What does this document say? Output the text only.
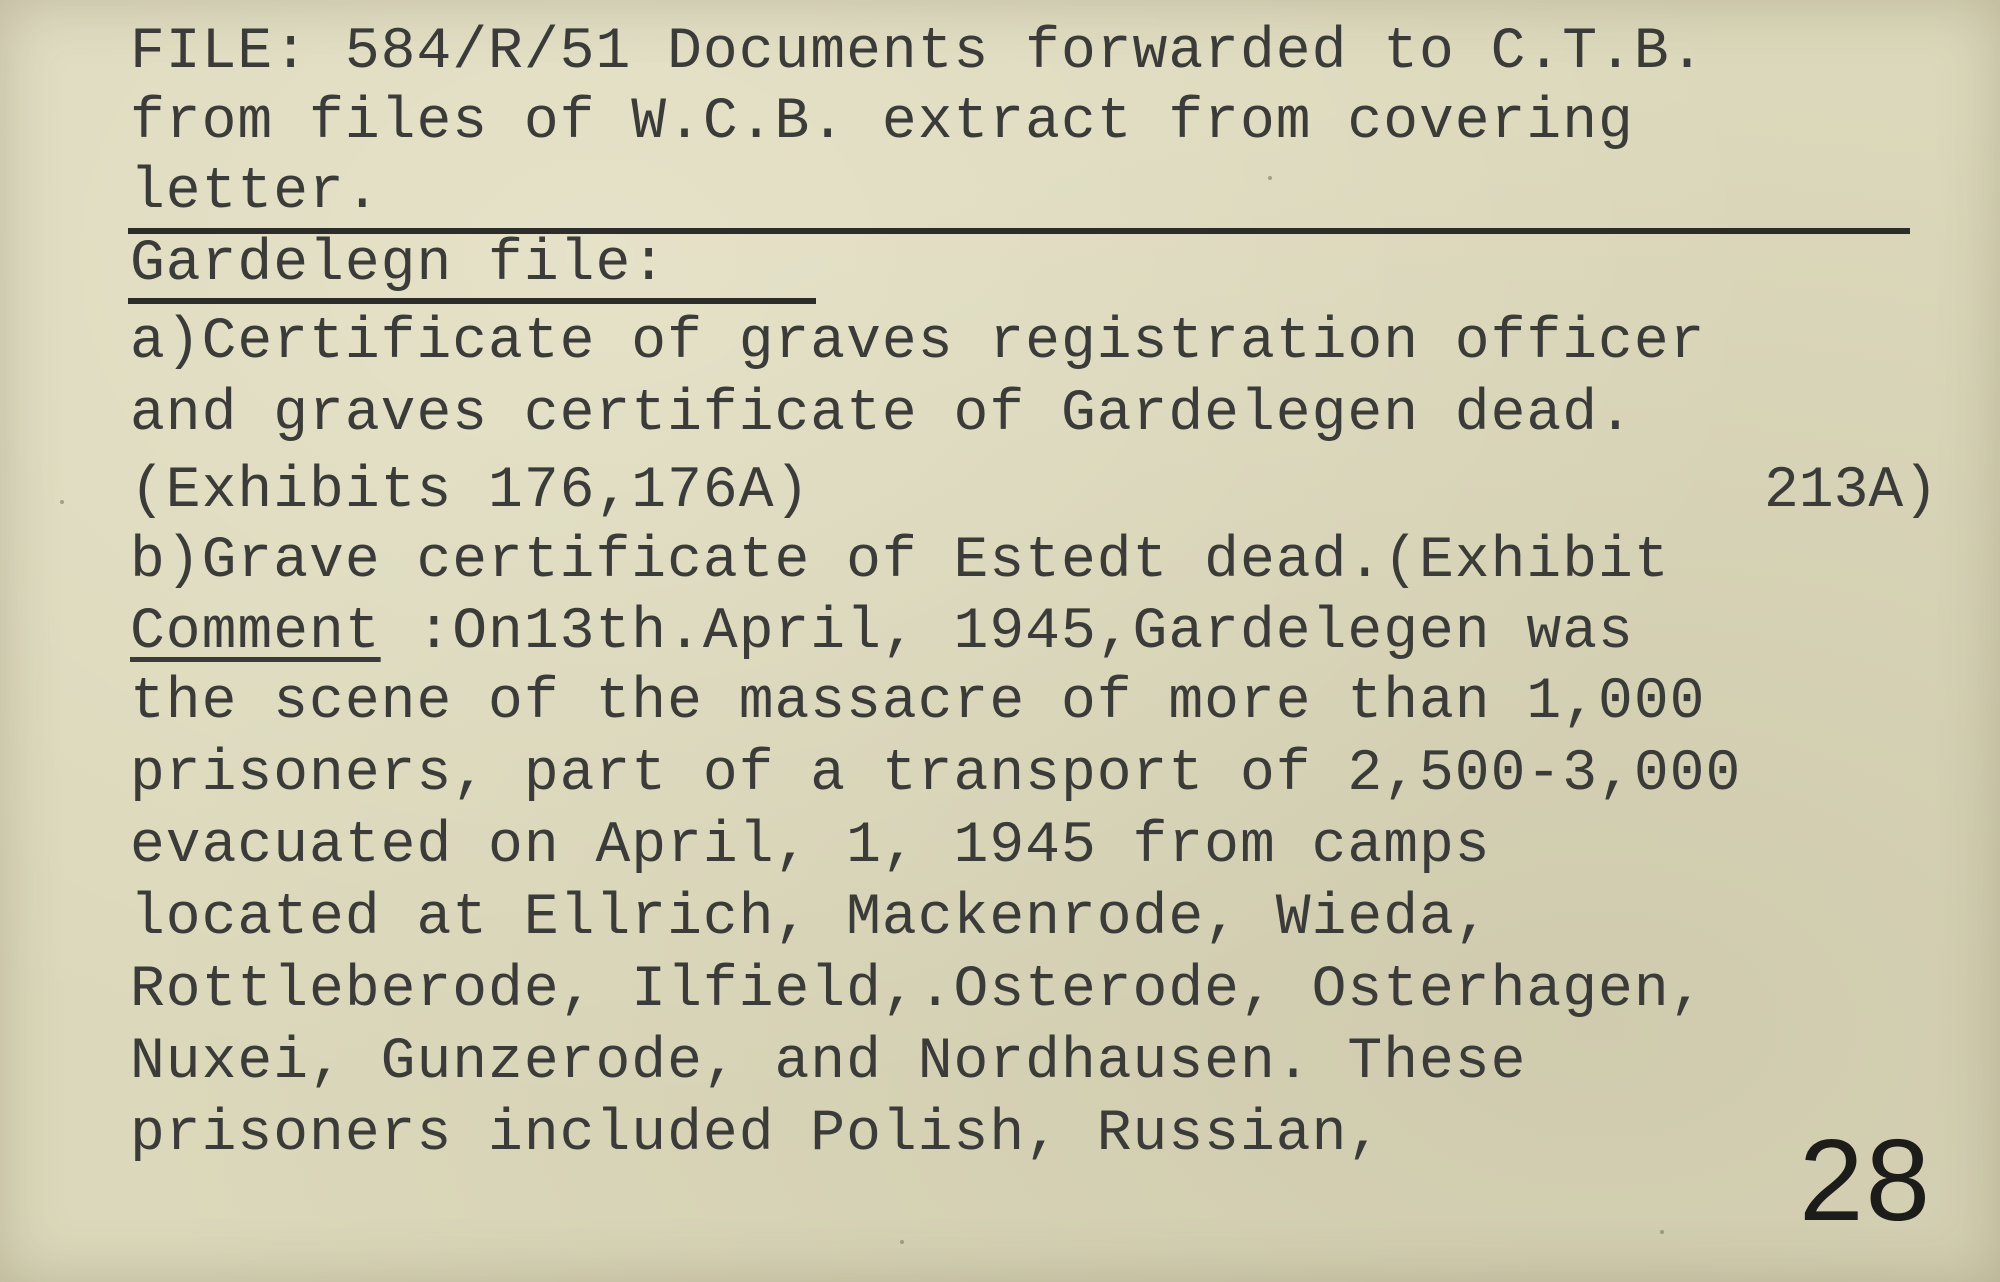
FILE: 584/R/51 Documents forwarded to C.T.B.
from files of W.C.B. extract from covering
letter.
Gardelegn file:
a)Certificate of graves registration officer
and graves certificate of Gardelegen dead.
(Exhibits 176,176A)	213A)
b)Grave certificate of Estedt dead.(Exhibit
Comment :On13th.April, 1945,Gardelegen was
the scene of the massacre of more than 1,000
prisoners, part of a transport of 2,500-3,000
evacuated on April, 1, 1945 from camps
located at Ellrich, Mackenrode, Wieda,
Rottleberode, Ilfield,.Osterode, Osterhagen,
Nuxei, Gunzerode, and Nordhausen. These
prisoners included Polish, Russian,	28
